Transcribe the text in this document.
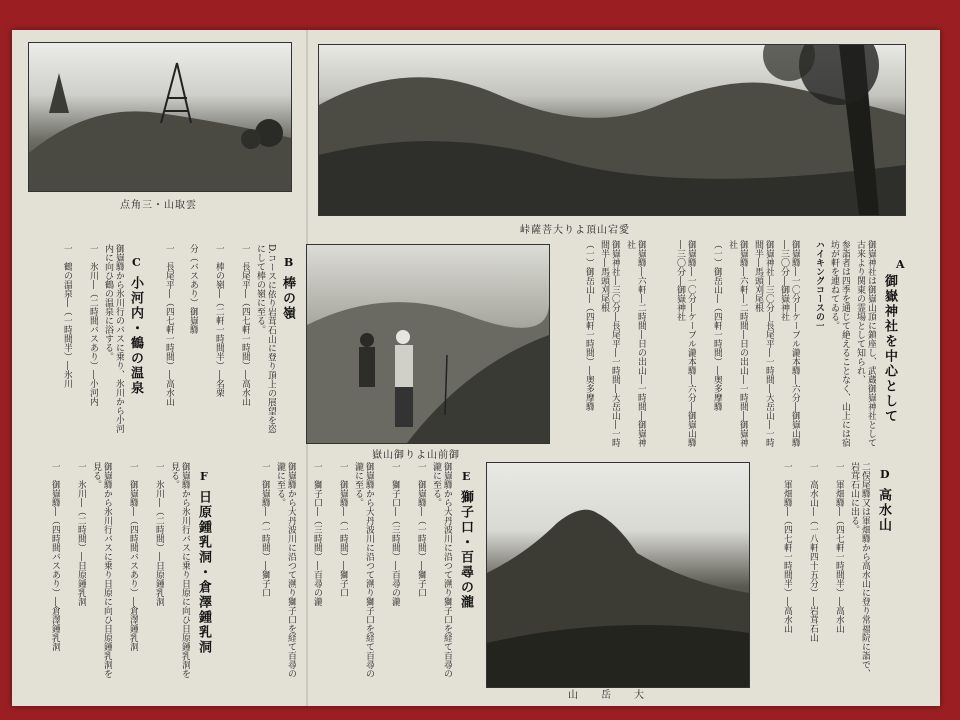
点角三・山取雲
峠薩菩大りよ頂山宕愛
嶽山御りよ山前御
山　　岳　　大
A
御嶽神社を中心として
御嶽神社は御嶽山頂に鎮座し、武蔵御嶽神社として古来より関東の霊場として知られ、
参詣者は四季を通じて絶えることなく、山上には宿坊が軒を連ねてゐる。
ハイキングコースの一
御嶽驛―一〇分―ケーブル瀧本驛―六分―御嶽山驛―三〇分―御嶽神社
御嶽神社―三〇分―長尾平―一時間―大岳山―一時間半―馬頭刈尾根
御嶽驛―六軒―二時間―日の出山―一時間―御嶽神社
（一）御岳山―（四軒一時間）―奥多摩驛
御嶽驛―一〇分―ケーブル瀧本驛―六分―御嶽山驛―三〇分―御嶽神社
御嶽驛―六軒―二時間―日の出山―一時間―御嶽神社
御嶽神社―三〇分―長尾平―一時間―大岳山―一時間半―馬頭刈尾根
（一）御岳山―（四軒一時間）―奥多摩驛
B
棒の嶺
D.コースに依り岩茸石山に登り頂上の展望を恣にして棒の嶺に至る。
一　長尾平―（四七軒一時間）―高水山
一　棒の嶺―（二軒一時間半）―名栗
分（バスあり）御嶽驛
一　長尾平―（四七軒一時間）―高水山
C
小河内・鶴の温泉
御嶽驛から氷川行のバスに乗り、氷川から小河内に向ひ鶴の温泉に浴する。
一　氷川―（二時間バスあり）―小河内
一　鶴の温泉―（一時間半）―氷川
D
高水山
二俣尾驛又は軍畑驛から高水山に登り常福院に詣で、岩茸石山に出る。
一　軍畑驛―（四七軒一時間半）―高水山
一　高水山―（一八軒四十五分）―岩茸石山
一　軍畑驛―（四七軒一時間半）―高水山
E
獅子口・百尋の瀧
御嶽驛から大丹波川に沿つて溯り獅子口を経て百尋の瀧に至る。
一　御嶽驛―（一時間）―獅子口
一　獅子口―（三時間）―百尋の瀧
御嶽驛から大丹波川に沿つて溯り獅子口を経て百尋の瀧に至る。
一　御嶽驛―（一時間）―獅子口
一　獅子口―（三時間）―百尋の瀧
御嶽驛から大丹波川に沿つて溯り獅子口を経て百尋の瀧に至る。
一　御嶽驛―（一時間）―獅子口
F
日原鍾乳洞・倉澤鍾乳洞
御嶽驛から氷川行バスに乗り日原に向ひ日原鍾乳洞を見る。
一　氷川―（二時間）―日原鍾乳洞
一　御嶽驛―（四時間バスあり）―倉澤鍾乳洞
御嶽驛から氷川行バスに乗り日原に向ひ日原鍾乳洞を見る。
一　氷川―（二時間）―日原鍾乳洞
一　御嶽驛―（四時間バスあり）―倉澤鍾乳洞
